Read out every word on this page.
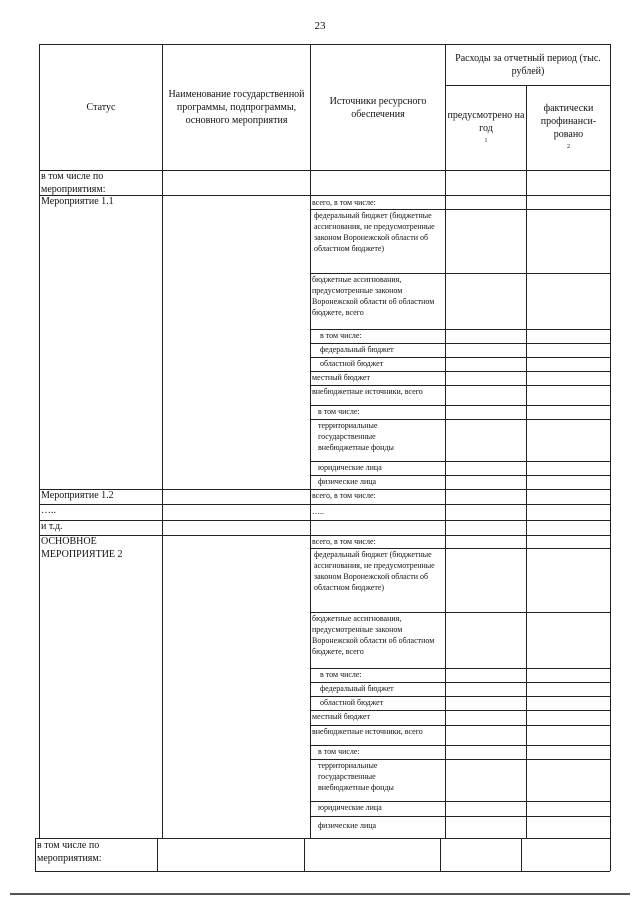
23
Статус
Наименование государственной программы, подпрограммы, основного мероприятия
Источники ресурсного обеспечения
Расходы за отчетный период (тыс. рублей)
предусмотрено на год
1
фактически профинанси-ровано
2
в том числе по мероприятиям:
Мероприятие 1.1
Мероприятие 1.2
…..
и т.д.
ОСНОВНОЕ МЕРОПРИЯТИЕ 2
в том числе по мероприятиям:
всего, в том числе:
федеральный бюджет (бюджетные ассигнования, не предусмотренные законом Воронежской области об областном бюджете)
бюджетные ассигнования, предусмотренные законом Воронежской области об областном бюджете, всего
в том числе:
федеральный бюджет
областной бюджет
местный бюджет
внебюджетные источники, всего
в том числе:
территориальные государственные внебюджетные фонды
юридические лица
физические лица
всего, в том числе:
…..
всего, в том числе:
федеральный бюджет (бюджетные ассигнования, не предусмотренные законом Воронежской области об областном бюджете)
бюджетные ассигнования, предусмотренные законом Воронежской области об областном бюджете, всего
в том числе:
федеральный бюджет
областной бюджет
местный бюджет
внебюджетные источники, всего
в том числе:
территориальные государственные внебюджетные фонды
юридические лица
физические лица
